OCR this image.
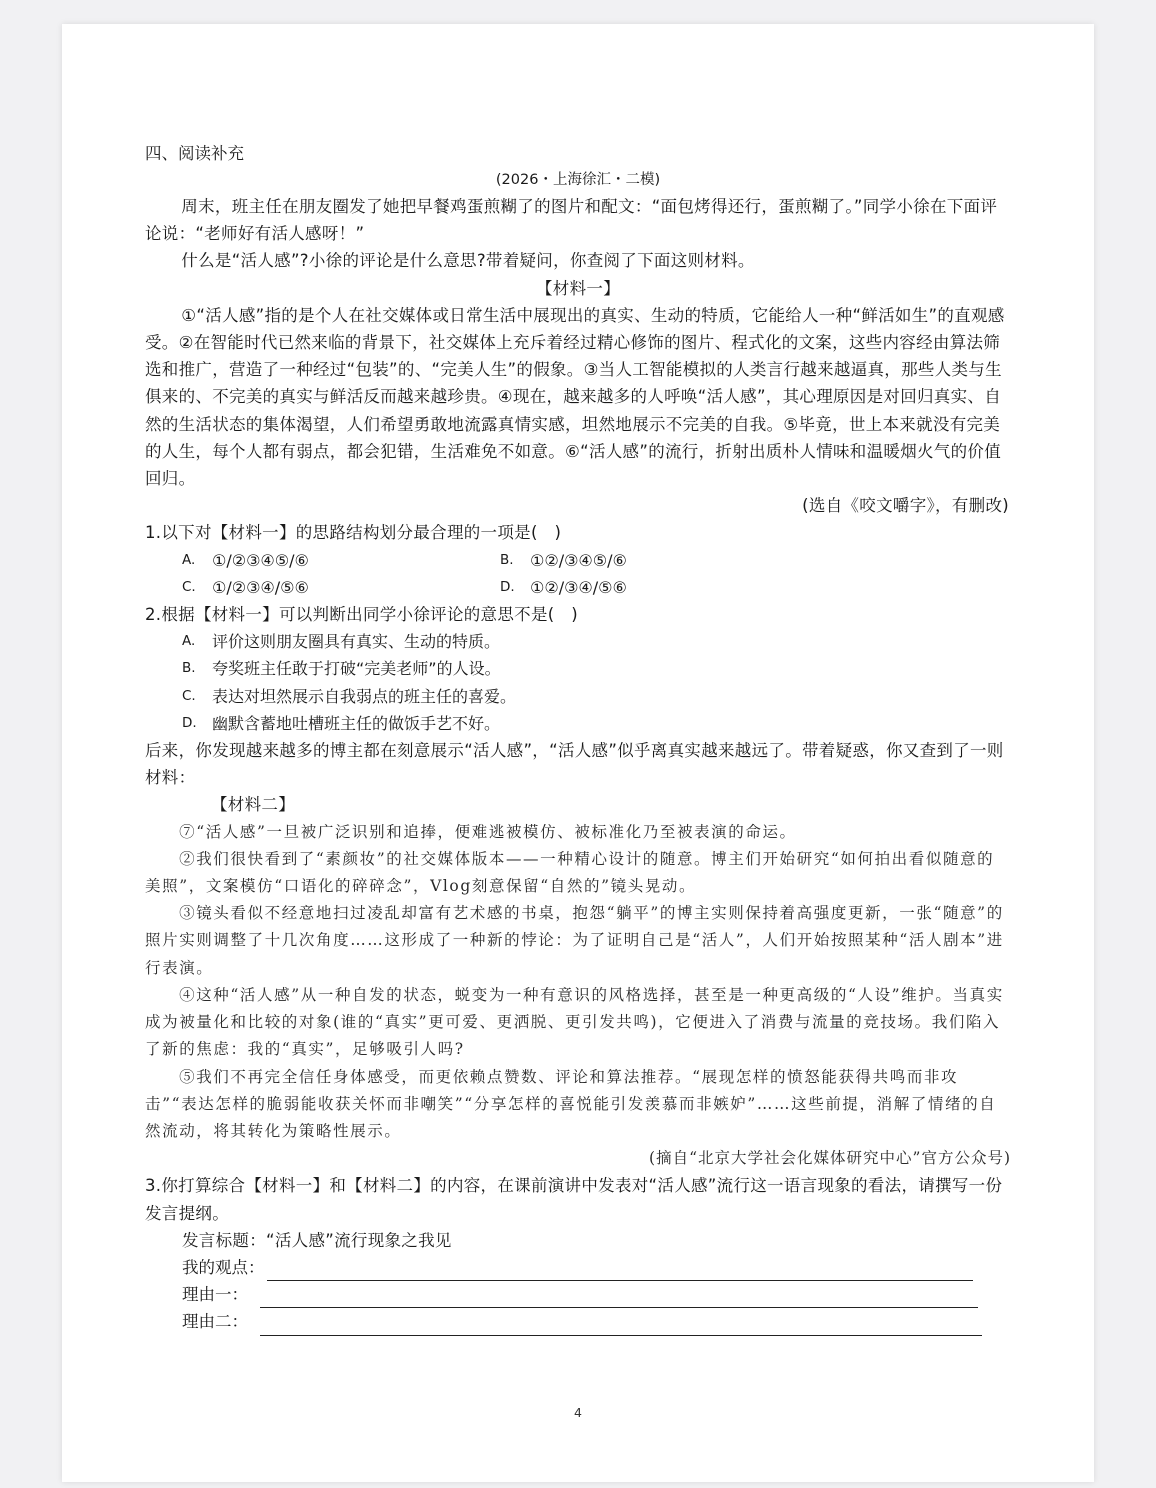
四、阅读补充
(2026・上海徐汇・二模)
周末，班主任在朋友圈发了她把早餐鸡蛋煎糊了的图片和配文：“面包烤得还行，蛋煎糊了。”同学小徐在下面评论说：“老师好有活人感呀！”
什么是“活人感”?小徐的评论是什么意思?带着疑问，你查阅了下面这则材料。
【材料一】
①“活人感”指的是个人在社交媒体或日常生活中展现出的真实、生动的特质，它能给人一种“鲜活如生”的直观感受。②在智能时代已然来临的背景下，社交媒体上充斥着经过精心修饰的图片、程式化的文案，这些内容经由算法筛选和推广，营造了一种经过“包装”的、“完美人生”的假象。③当人工智能模拟的人类言行越来越逼真，那些人类与生俱来的、不完美的真实与鲜活反而越来越珍贵。④现在，越来越多的人呼唤“活人感”，其心理原因是对回归真实、自然的生活状态的集体渴望，人们希望勇敢地流露真情实感，坦然地展示不完美的自我。⑤毕竟，世上本来就没有完美的人生，每个人都有弱点，都会犯错，生活难免不如意。⑥“活人感”的流行，折射出质朴人情味和温暖烟火气的价值回归。
(选自《咬文嚼字》，有删改)
1.以下对【材料一】的思路结构划分最合理的一项是(　)
A.	①/②③④⑤/⑥	B.	①②/③④⑤/⑥
C.	①/②③④/⑤⑥	D. ①②/③④/⑤⑥
2.根据【材料一】可以判断出同学小徐评论的意思不是(　)
A.	评价这则朋友圈具有真实、生动的特质。
B.	夸奖班主任敢于打破“完美老师”的人设。
C.	表达对坦然展示自我弱点的班主任的喜爱。
D. 幽默含蓄地吐槽班主任的做饭手艺不好。
后来，你发现越来越多的博主都在刻意展示“活人感”，“活人感”似乎离真实越来越远了。带着疑惑，你又查到了一则材料：
【材料二】
⑦“活人感”一旦被广泛识别和追捧，便难逃被模仿、被标准化乃至被表演的命运。
②我们很快看到了“素颜妆”的社交媒体版本——一种精心设计的随意。博主们开始研究“如何拍出看似随意的美照”，文案模仿“口语化的碎碎念”，Vlog刻意保留“自然的”镜头晃动。
③镜头看似不经意地扫过凌乱却富有艺术感的书桌，抱怨“躺平”的博主实则保持着高强度更新，一张“随意”的照片实则调整了十几次角度……这形成了一种新的悖论：为了证明自己是“活人”，人们开始按照某种“活人剧本”进行表演。
④这种“活人感”从一种自发的状态，蜕变为一种有意识的风格选择，甚至是一种更高级的“人设”维护。当真实成为被量化和比较的对象(谁的“真实”更可爱、更洒脱、更引发共鸣)，它便进入了消费与流量的竞技场。我们陷入了新的焦虑：我的“真实”，足够吸引人吗?
⑤我们不再完全信任身体感受，而更依赖点赞数、评论和算法推荐。“展现怎样的愤怒能获得共鸣而非攻击”“表达怎样的脆弱能收获关怀而非嘲笑”“分享怎样的喜悦能引发羡慕而非嫉妒”……这些前提，消解了情绪的自然流动，将其转化为策略性展示。
(摘自“北京大学社会化媒体研究中心”官方公众号)
3.你打算综合【材料一】和【材料二】的内容，在课前演讲中发表对“活人感”流行这一语言现象的看法，请撰写一份发言提纲。
发言标题：“活人感”流行现象之我见
我的观点：
理由一：
理由二：
4
